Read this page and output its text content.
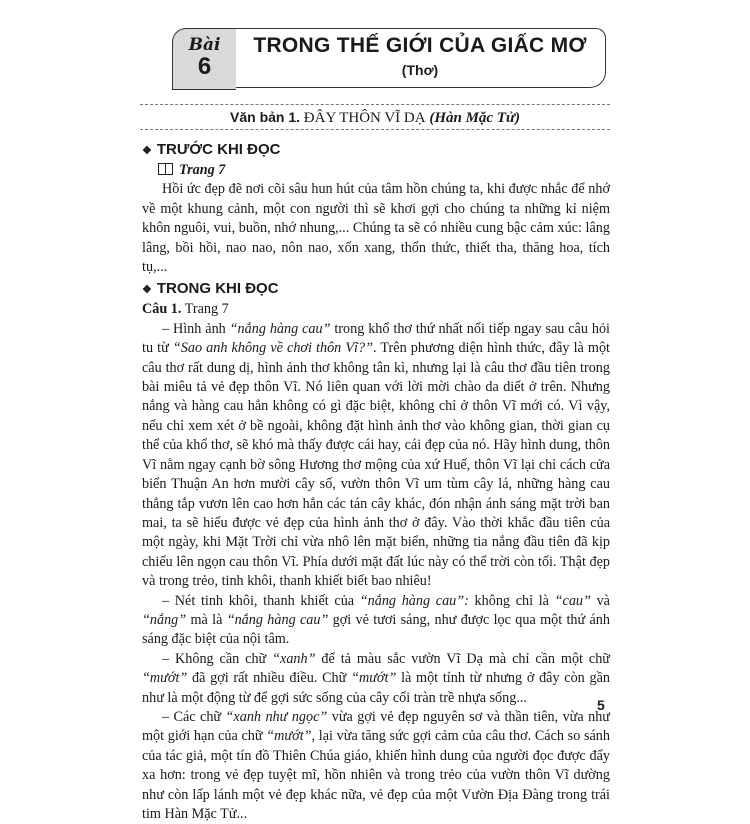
Bài
6
TRONG THẾ GIỚI CỦA GIẤC MƠ
(Thơ)
Văn bản 1. ĐÂY THÔN VĨ DẠ (Hàn Mặc Tử)

❖ TRƯỚC KHI ĐỌC

Trang 7

Hồi ức đẹp đẽ nơi cõi sâu hun hút của tâm hồn chúng ta, khi được nhắc để nhớ về một khung cảnh, một con người thì sẽ khơi gợi cho chúng ta những kỉ niệm khôn nguôi, vui, buồn, nhớ nhung,... Chúng ta sẽ có nhiều cung bậc cảm xúc: lâng lâng, bồi hồi, nao nao, nôn nao, xốn xang, thổn thức, thiết tha, thăng hoa, tích tụ,...

❖ TRONG KHI ĐỌC

Câu 1. Trang 7

– Hình ảnh “nắng hàng cau” trong khổ thơ thứ nhất nối tiếp ngay sau câu hỏi tu từ “Sao anh không về chơi thôn Vĩ?”. Trên phương diện hình thức, đây là một câu thơ rất dung dị, hình ảnh thơ không tân kì, nhưng lại là câu thơ đầu tiên trong bài miêu tả vẻ đẹp thôn Vĩ. Nó liên quan với lời mời chào da diết ở trên. Nhưng nắng và hàng cau hẳn không có gì đặc biệt, không chỉ ở thôn Vĩ mới có. Vì vậy, nếu chỉ xem xét ở bề ngoài, không đặt hình ảnh thơ vào không gian, thời gian cụ thể của khổ thơ, sẽ khó mà thấy được cái hay, cái đẹp của nó. Hãy hình dung, thôn Vĩ nằm ngay cạnh bờ sông Hương thơ mộng của xứ Huế, thôn Vĩ lại chỉ cách cửa biển Thuận An hơn mười cây số, vườn thôn Vĩ um tùm cây lá, những hàng cau thẳng tắp vươn lên cao hơn hẳn các tán cây khác, đón nhận ánh sáng mặt trời ban mai, ta sẽ hiểu được vẻ đẹp của hình ảnh thơ ở đây. Vào thời khắc đầu tiên của một ngày, khi Mặt Trời chỉ vừa nhô lên mặt biển, những tia nắng đầu tiên đã kịp chiếu lên ngọn cau thôn Vĩ. Phía dưới mặt đất lúc này có thể trời còn tối. Thật đẹp và trong trẻo, tinh khôi, thanh khiết biết bao nhiêu!

– Nét tinh khôi, thanh khiết của “nắng hàng cau”: không chỉ là “cau” và “nắng” mà là “nắng hàng cau” gợi vẻ tươi sáng, như được lọc qua một thứ ánh sáng đặc biệt của nội tâm.

– Không cần chữ “xanh” để tả màu sắc vườn Vĩ Dạ mà chỉ cần một chữ “mướt” đã gợi rất nhiều điều. Chữ “mướt” là một tính từ nhưng ở đây còn gần như là một động từ để gợi sức sống của cây cối tràn trề nhựa sống...

– Các chữ “xanh như ngọc” vừa gợi vẻ đẹp nguyên sơ và thần tiên, vừa như một giới hạn của chữ “mướt”, lại vừa tăng sức gợi cảm của câu thơ. Cách so sánh của tác giả, một tín đồ Thiên Chúa giáo, khiến hình dung của người đọc được đẩy xa hơn: trong vẻ đẹp tuyệt mĩ, hồn nhiên và trong trẻo của vườn thôn Vĩ dường như còn lấp lánh một vẻ đẹp khác nữa, vẻ đẹp của một Vườn Địa Đàng trong trái tim Hàn Mặc Tử...

5
